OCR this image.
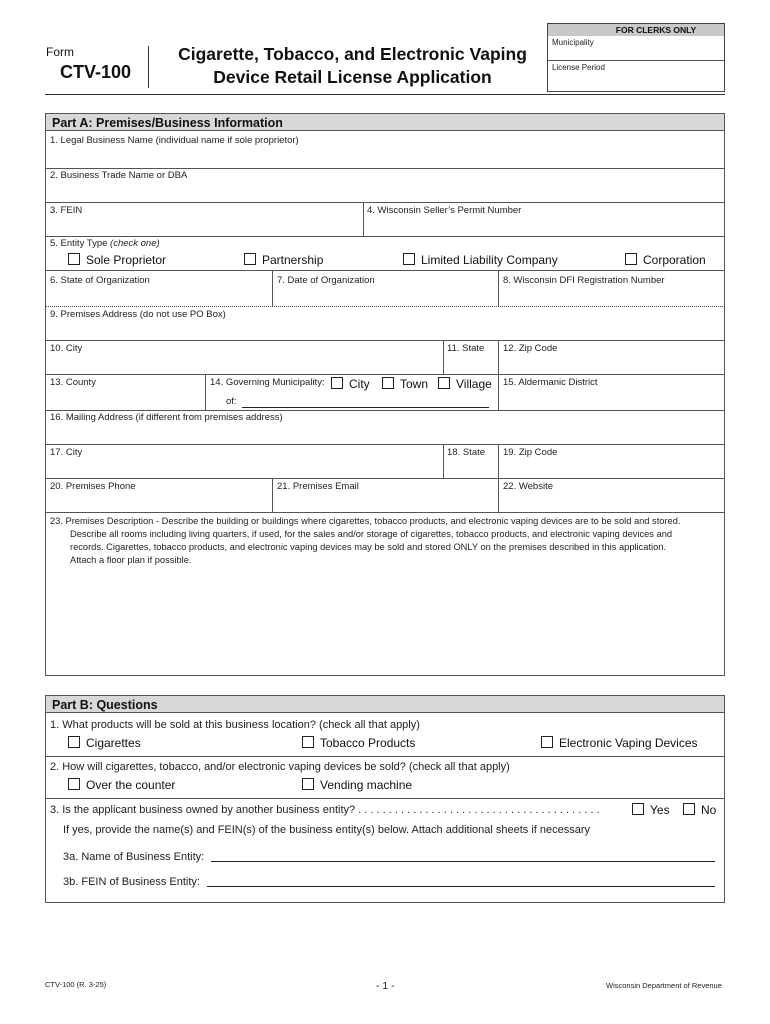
Form
CTV-100
Cigarette, Tobacco, and Electronic Vaping
Device Retail License Application
FOR CLERKS ONLY
Municipality
License Period
Part A: Premises/Business Information
1. Legal Business Name (individual name if sole proprietor)
2. Business Trade Name or DBA
3. FEIN	4. Wisconsin Seller’s Permit Number
5. Entity Type (check one)
Sole Proprietor	Partnership	Limited Liability Company	Corporation
6. State of Organization	7. Date of Organization	8. Wisconsin DFI Registration Number
9. Premises Address (do not use PO Box)
10. City	11. State 12. Zip Code
13. County	14. Governing Municipality:	City	Town	Village
of:
15. Aldermanic District
16. Mailing Address (if different from premises address)
17. City	18. State 19. Zip Code
20. Premises Phone	21. Premises Email	22. Website
23. Premises Description - Describe the building or buildings where cigarettes, tobacco products, and electronic vaping devices are to be sold and stored.
Describe all rooms including living quarters, if used, for the sales and/or storage of cigarettes, tobacco products, and electronic vaping devices and
records. Cigarettes, tobacco products, and electronic vaping devices may be sold and stored ONLY on the premises described in this application.
Attach a floor plan if possible.
Part B: Questions
1. What products will be sold at this business location? (check all that apply)
Cigarettes	Tobacco Products	Electronic Vaping Devices
2. How will cigarettes, tobacco, and/or electronic vaping devices be sold? (check all that apply)
Over the counter	Vending machine
3. Is the applicant business owned by another business entity? . . . . . . . . . . . . . . . . . . . . . . . . . . . . . . . . . . . . . . . .	Yes	No
If yes, provide the name(s) and FEIN(s) of the business entity(s) below. Attach additional sheets if necessary
3a. Name of Business Entity:
3b. FEIN of Business Entity:
CTV-100 (R. 3-25)	- 1 -	Wisconsin Department of Revenue
